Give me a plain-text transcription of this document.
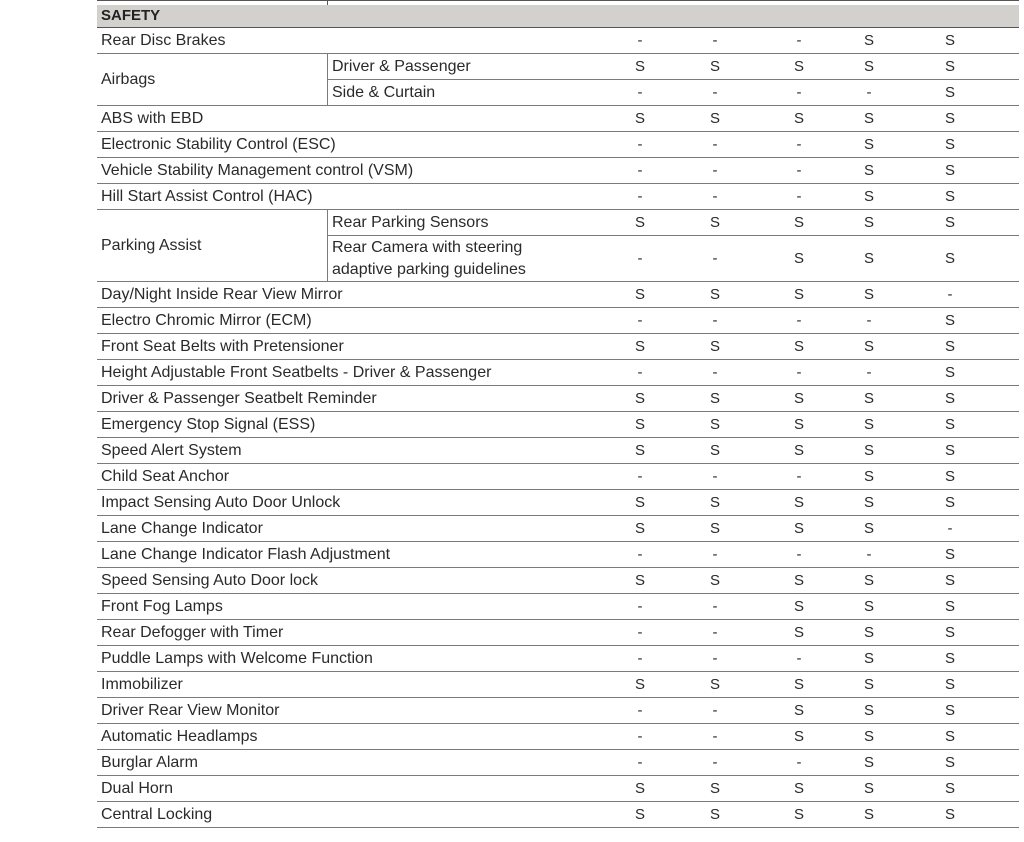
SAFETY
Rear Disc Brakes	-	-	-	S	S
Airbags
Driver & Passenger	S	S	S	S	S
Side & Curtain	-	-	-	-	S
ABS with EBD	S	S	S	S	S
Electronic Stability Control (ESC)	-	-	-	S	S
Vehicle Stability Management control (VSM)	-	-	-	S	S
Hill Start Assist Control (HAC)	-	-	-	S	S
Parking Assist
Rear Parking Sensors	S	S	S	S	S
Rear Camera with steering
adaptive parking guidelines
-	-	S	S	S
Day/Night Inside Rear View Mirror	S	S	S	S	-
Electro Chromic Mirror (ECM)	-	-	-	-	S
Front Seat Belts with Pretensioner	S	S	S	S	S
Height Adjustable Front Seatbelts - Driver & Passenger	-	-	-	-	S
Driver & Passenger Seatbelt Reminder	S	S	S	S	S
Emergency Stop Signal (ESS)	S	S	S	S	S
Speed Alert System	S	S	S	S	S
Child Seat Anchor	-	-	-	S	S
Impact Sensing Auto Door Unlock	S	S	S	S	S
Lane Change Indicator	S	S	S	S	-
Lane Change Indicator Flash Adjustment	-	-	-	-	S
Speed Sensing Auto Door lock	S	S	S	S	S
Front Fog Lamps	-	-	S	S	S
Rear Defogger with Timer	-	-	S	S	S
Puddle Lamps with Welcome Function	-	-	-	S	S
Immobilizer	S	S	S	S	S
Driver Rear View Monitor	-	-	S	S	S
Automatic Headlamps	-	-	S	S	S
Burglar Alarm	-	-	-	S	S
Dual Horn	S	S	S	S	S
Central Locking	S	S	S	S	S
